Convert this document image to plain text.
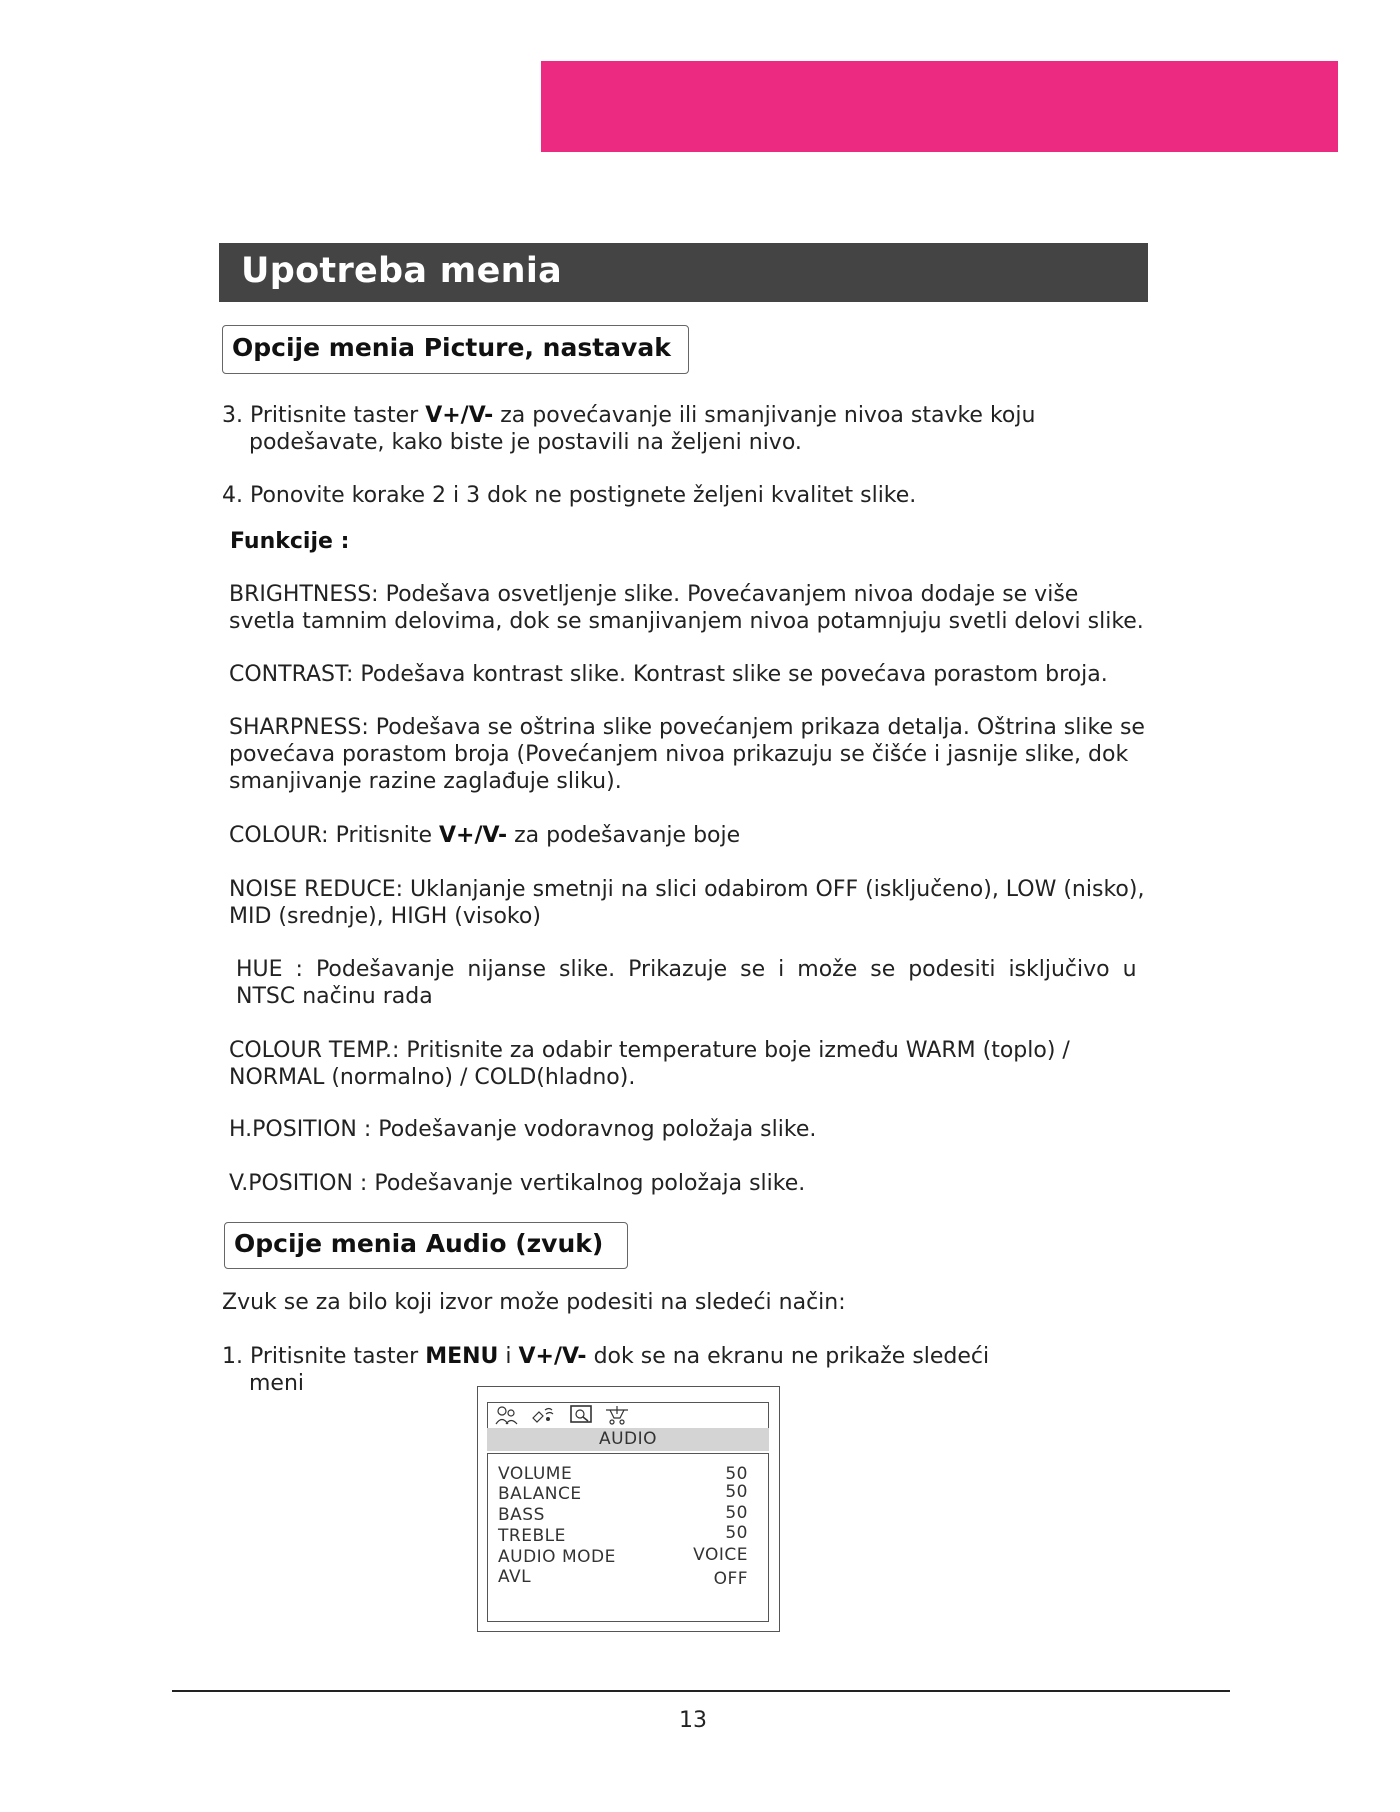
Upotreba menia
Opcije menia Picture, nastavak
3. Pritisnite taster V+/V- za povećavanje ili smanjivanje nivoa stavke koju
podešavate, kako biste je postavili na željeni nivo.
4. Ponovite korake 2 i 3 dok ne postignete željeni kvalitet slike.
Funkcije :
BRIGHTNESS: Podešava osvetljenje slike. Povećavanjem nivoa dodaje se više
svetla tamnim delovima, dok se smanjivanjem nivoa potamnjuju svetli delovi slike.
CONTRAST: Podešava kontrast slike. Kontrast slike se povećava porastom broja.
SHARPNESS: Podešava se oštrina slike povećanjem prikaza detalja. Oštrina slike se
povećava porastom broja (Povećanjem nivoa prikazuju se čišće i jasnije slike, dok
smanjivanje razine zaglađuje sliku).
COLOUR: Pritisnite V+/V- za podešavanje boje
NOISE REDUCE: Uklanjanje smetnji na slici odabirom OFF (isključeno), LOW (nisko),
MID (srednje), HIGH (visoko)
HUE : Podešavanje nijanse slike. Prikazuje se i može se podesiti isključivo u
NTSC načinu rada
COLOUR TEMP.: Pritisnite za odabir temperature boje između WARM (toplo) /
NORMAL (normalno) / COLD(hladno).
H.POSITION : Podešavanje vodoravnog položaja slike.
V.POSITION : Podešavanje vertikalnog položaja slike.
Opcije menia Audio (zvuk)
Zvuk se za bilo koji izvor može podesiti na sledeći način:
1. Pritisnite taster MENU i V+/V- dok se na ekranu ne prikaže sledeći
meni
AUDIO
VOLUME	50
BALANCE	50
BASS	50
TREBLE	50
AUDIO MODE	VOICE
AVL	OFF
13
